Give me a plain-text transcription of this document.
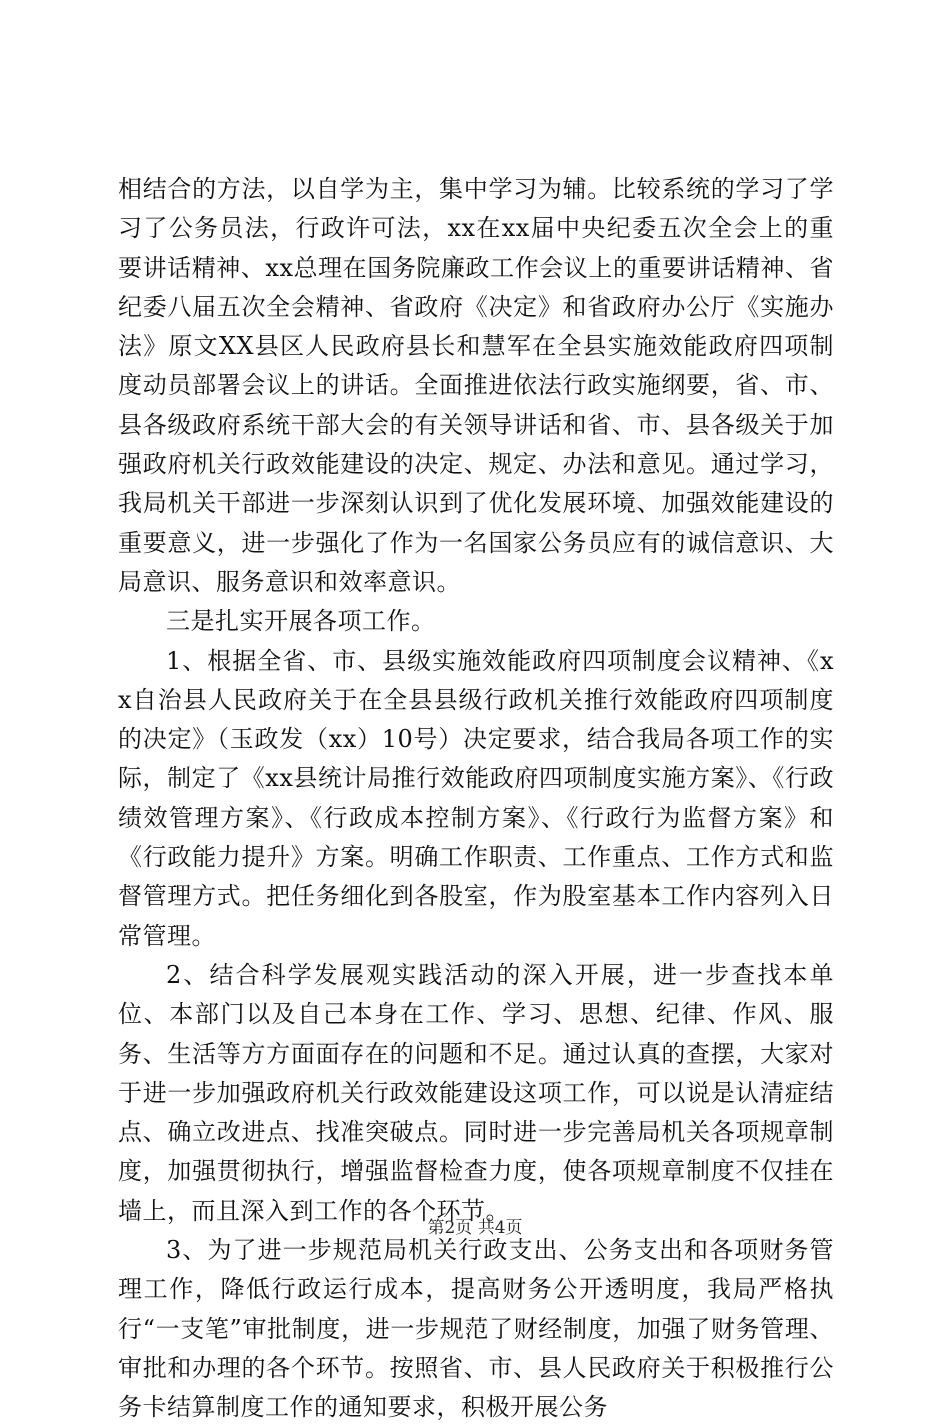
相结合的方法，以自学为主，集中学习为辅。比较系统的学习了学习了公务员法，行政许可法，xx在xx届中央纪委五次全会上的重要讲话精神、xx总理在国务院廉政工作会议上的重要讲话精神、省纪委八届五次全会精神、省政府《决定》和省政府办公厅《实施办法》原文XX县区人民政府县长和慧军在全县实施效能政府四项制度动员部署会议上的讲话。全面推进依法行政实施纲要，省、市、县各级政府系统干部大会的有关领导讲话和省、市、县各级关于加强政府机关行政效能建设的决定、规定、办法和意见。通过学习，我局机关干部进一步深刻认识到了优化发展环境、加强效能建设的重要意义，进一步强化了作为一名国家公务员应有的诚信意识、大局意识、服务意识和效率意识。

三是扎实开展各项工作。

1、根据全省、市、县级实施效能政府四项制度会议精神、《xx自治县人民政府关于在全县县级行政机关推行效能政府四项制度的决定》（玉政发（xx）10号）决定要求，结合我局各项工作的实际，制定了《xx县统计局推行效能政府四项制度实施方案》、《行政绩效管理方案》、《行政成本控制方案》、《行政行为监督方案》和《行政能力提升》方案。明确工作职责、工作重点、工作方式和监督管理方式。把任务细化到各股室，作为股室基本工作内容列入日常管理。

2、结合科学发展观实践活动的深入开展，进一步查找本单位、本部门以及自己本身在工作、学习、思想、纪律、作风、服务、生活等方方面面存在的问题和不足。通过认真的查摆，大家对于进一步加强政府机关行政效能建设这项工作，可以说是认清症结点、确立改进点、找准突破点。同时进一步完善局机关各项规章制度，加强贯彻执行，增强监督检查力度，使各项规章制度不仅挂在墙上，而且深入到工作的各个环节。

3、为了进一步规范局机关行政支出、公务支出和各项财务管理工作，降低行政运行成本，提高财务公开透明度，我局严格执行“一支笔”审批制度，进一步规范了财经制度，加强了财务管理、审批和办理的各个环节。按照省、市、县人民政府关于积极推行公务卡结算制度工作的通知要求，积极开展公务

第2页 共4页
